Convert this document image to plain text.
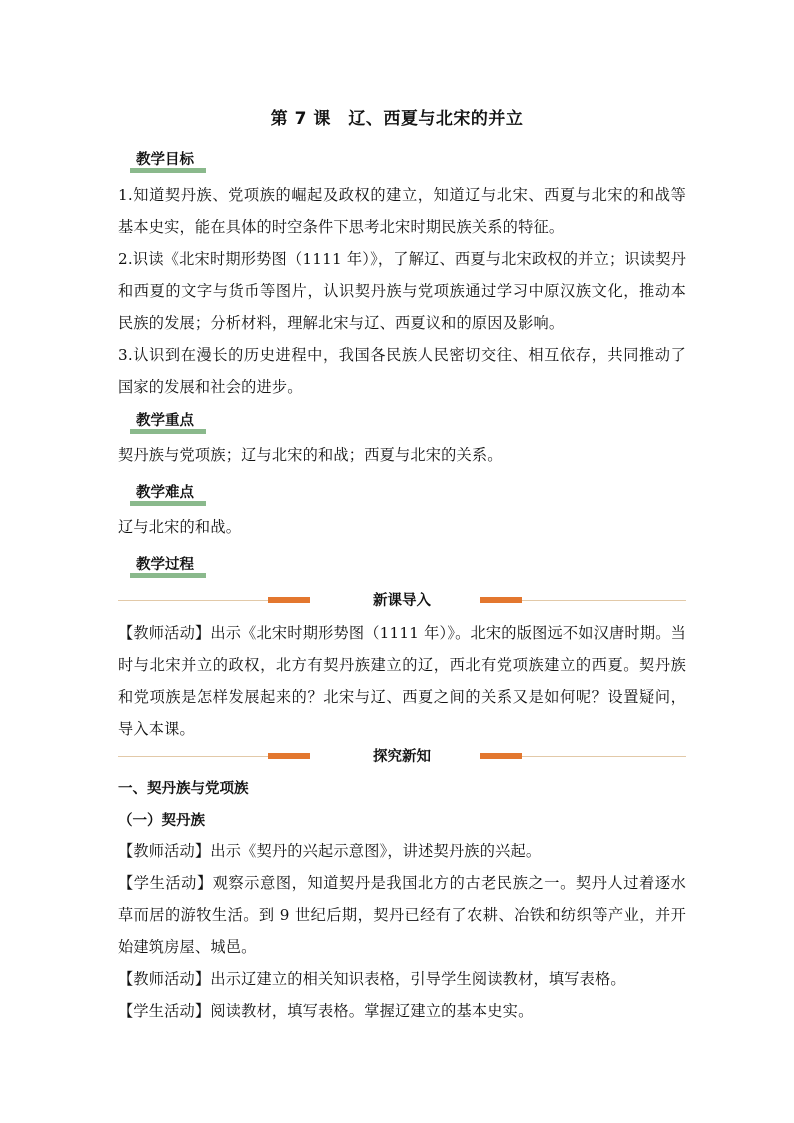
第 7 课　辽、西夏与北宋的并立
教学目标

1.知道契丹族、党项族的崛起及政权的建立，知道辽与北宋、西夏与北宋的和战等基本史实，能在具体的时空条件下思考北宋时期民族关系的特征。

2.识读《北宋时期形势图（1111 年）》，了解辽、西夏与北宋政权的并立；识读契丹和西夏的文字与货币等图片，认识契丹族与党项族通过学习中原汉族文化，推动本民族的发展；分析材料，理解北宋与辽、西夏议和的原因及影响。

3.认识到在漫长的历史进程中，我国各民族人民密切交往、相互依存，共同推动了国家的发展和社会的进步。

教学重点

契丹族与党项族；辽与北宋的和战；西夏与北宋的关系。

教学难点

辽与北宋的和战。

教学过程
新课导入

【教师活动】出示《北宋时期形势图（1111 年）》。北宋的版图远不如汉唐时期。当时与北宋并立的政权，北方有契丹族建立的辽，西北有党项族建立的西夏。契丹族和党项族是怎样发展起来的？北宋与辽、西夏之间的关系又是如何呢？设置疑问，导入本课。

探究新知
一、契丹族与党项族
（一）契丹族

【教师活动】出示《契丹的兴起示意图》，讲述契丹族的兴起。

【学生活动】观察示意图，知道契丹是我国北方的古老民族之一。契丹人过着逐水草而居的游牧生活。到 9 世纪后期，契丹已经有了农耕、冶铁和纺织等产业，并开始建筑房屋、城邑。

【教师活动】出示辽建立的相关知识表格，引导学生阅读教材，填写表格。

【学生活动】阅读教材，填写表格。掌握辽建立的基本史实。
